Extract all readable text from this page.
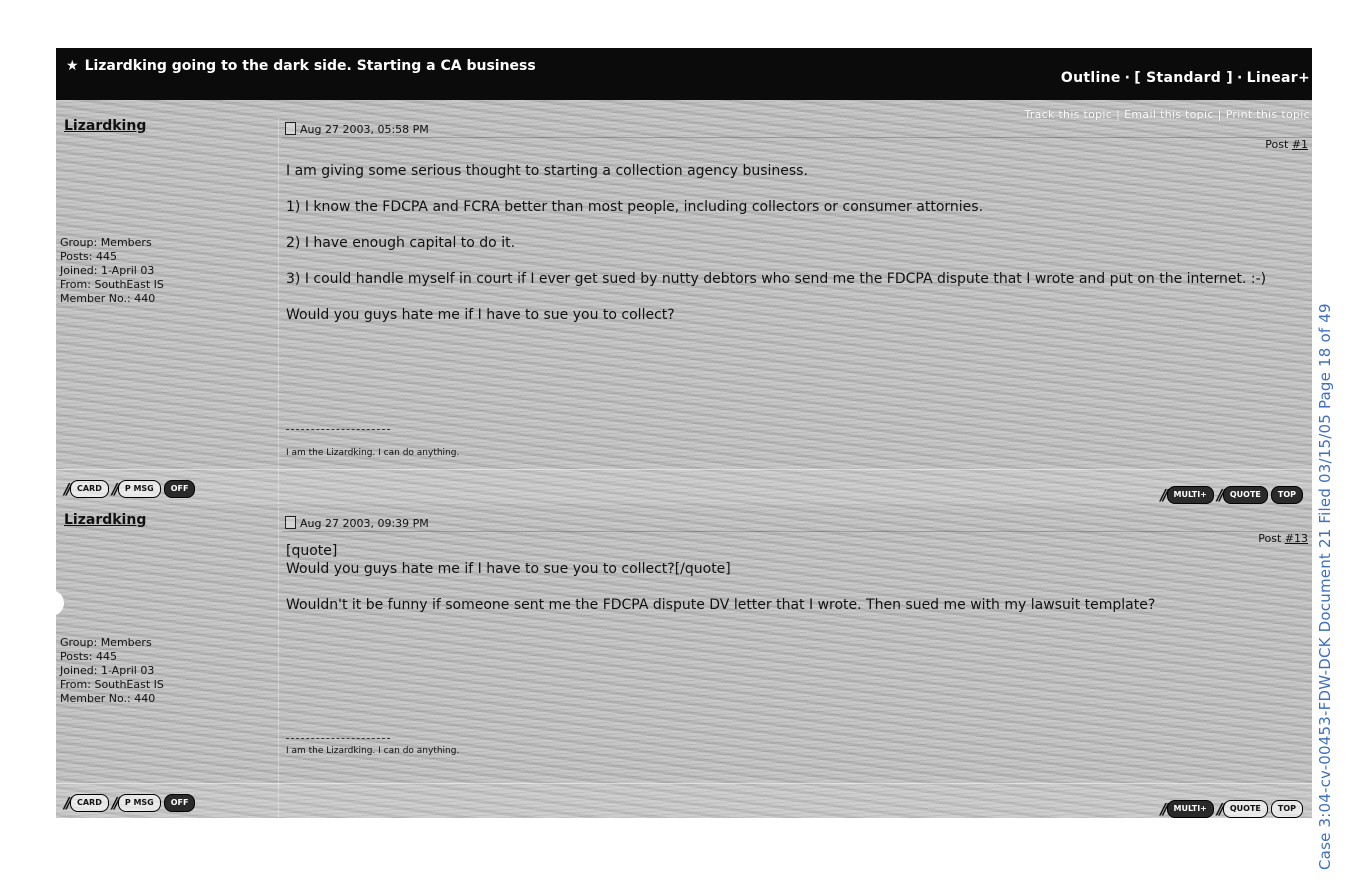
★ Lizardking going to the dark side. Starting a CA business
Outline · [ Standard ] · Linear+
Track this topic | Email this topic | Print this topic
Lizardking
Group: Members
Posts: 445
Joined: 1-April 03
From: SouthEast IS
Member No.: 440
Aug 27 2003, 05:58 PM
Post #1

I am giving some serious thought to starting a collection agency business.

1) I know the FDCPA and FCRA better than most people, including collectors or consumer attornies.

2) I have enough capital to do it.

3) I could handle myself in court if I ever get sued by nutty debtors who send me the FDCPA dispute that I wrote and put on the internet. :-)

Would you guys hate me if I have to sue you to collect?

I am the Lizardking. I can do anything.
// CARD // P MSG OFF	// MULTI+ // QUOTE TOP
Lizardking
Group: Members
Posts: 445
Joined: 1-April 03
From: SouthEast IS
Member No.: 440
Aug 27 2003, 09:39 PM
Post #13

[quote]

Would you guys hate me if I have to sue you to collect?[/quote]

Wouldn't it be funny if someone sent me the FDCPA dispute DV letter that I wrote. Then sued me with my lawsuit template?

I am the Lizardking. I can do anything.
// CARD // P MSG OFF	// MULTI+ // QUOTE TOP	Case 3:04-cv-00453-FDW-DCK Document 21 Filed 03/15/05 Page 18 of 49
